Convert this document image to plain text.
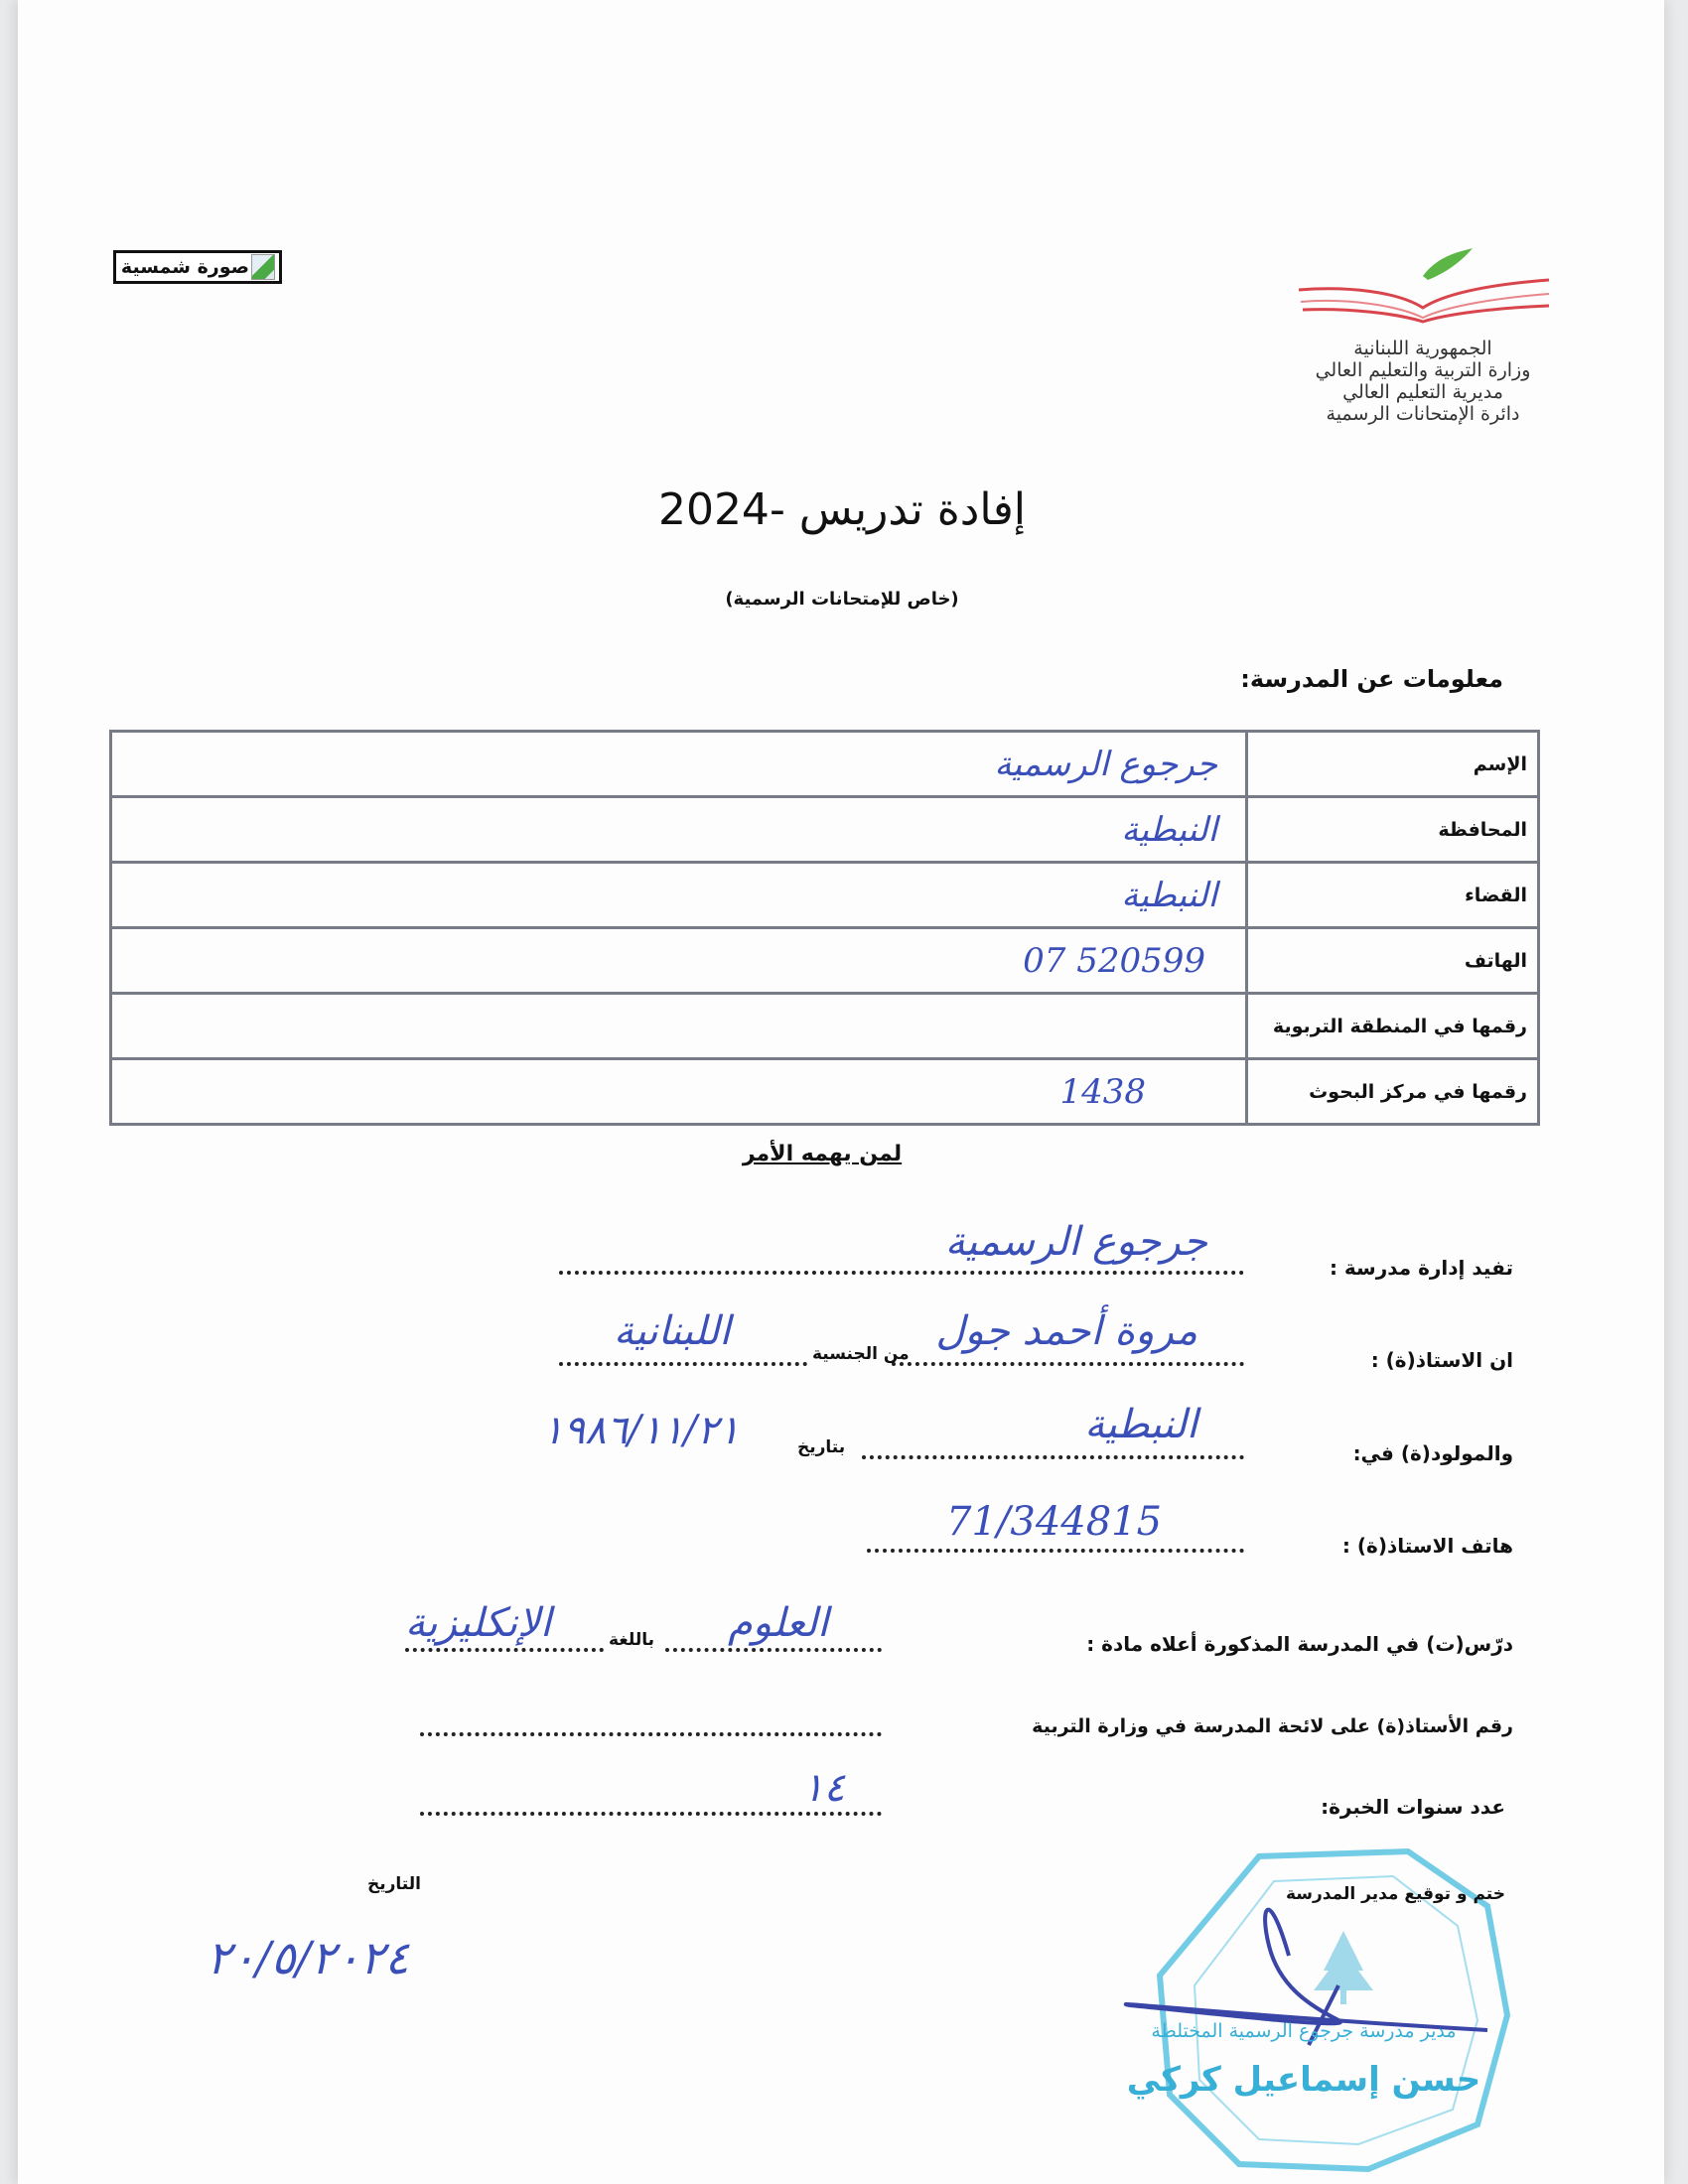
صورة شمسية
الجمهورية اللبنانية
وزارة التربية والتعليم العالي
مديرية التعليم العالي
دائرة الإمتحانات الرسمية
إفادة تدريس -2024
(خاص للإمتحانات الرسمية)
معلومات عن المدرسة:
جرجوع الرسمية	الإسم
النبطية	المحافظة
النبطية	القضاء
07 520599	الهاتف
	رقمها في المنطقة التربوية
1438	رقمها في مركز البحوث
لمن يهمه الأمر
تفيد إدارة مدرسة :
جرجوع الرسمية
ان الاستاذ(ة) :
مروة أحمد جول
من الجنسية
اللبنانية
والمولود(ة) في:
النبطية
بتاريخ
١٩٨٦/١١/٢١
هاتف الاستاذ(ة) :
71/344815
درّس(ت) في المدرسة المذكورة أعلاه مادة :
العلوم
باللغة
الإنكليزية
رقم الأستاذ(ة) على لائحة المدرسة في وزارة التربية
عدد سنوات الخبرة:
١٤
التاريخ
٢٠/٥/٢٠٢٤
ختم و توقيع مدير المدرسة
مدير مدرسة جرجوع الرسمية المختلطة
حسن إسماعيل كركي
